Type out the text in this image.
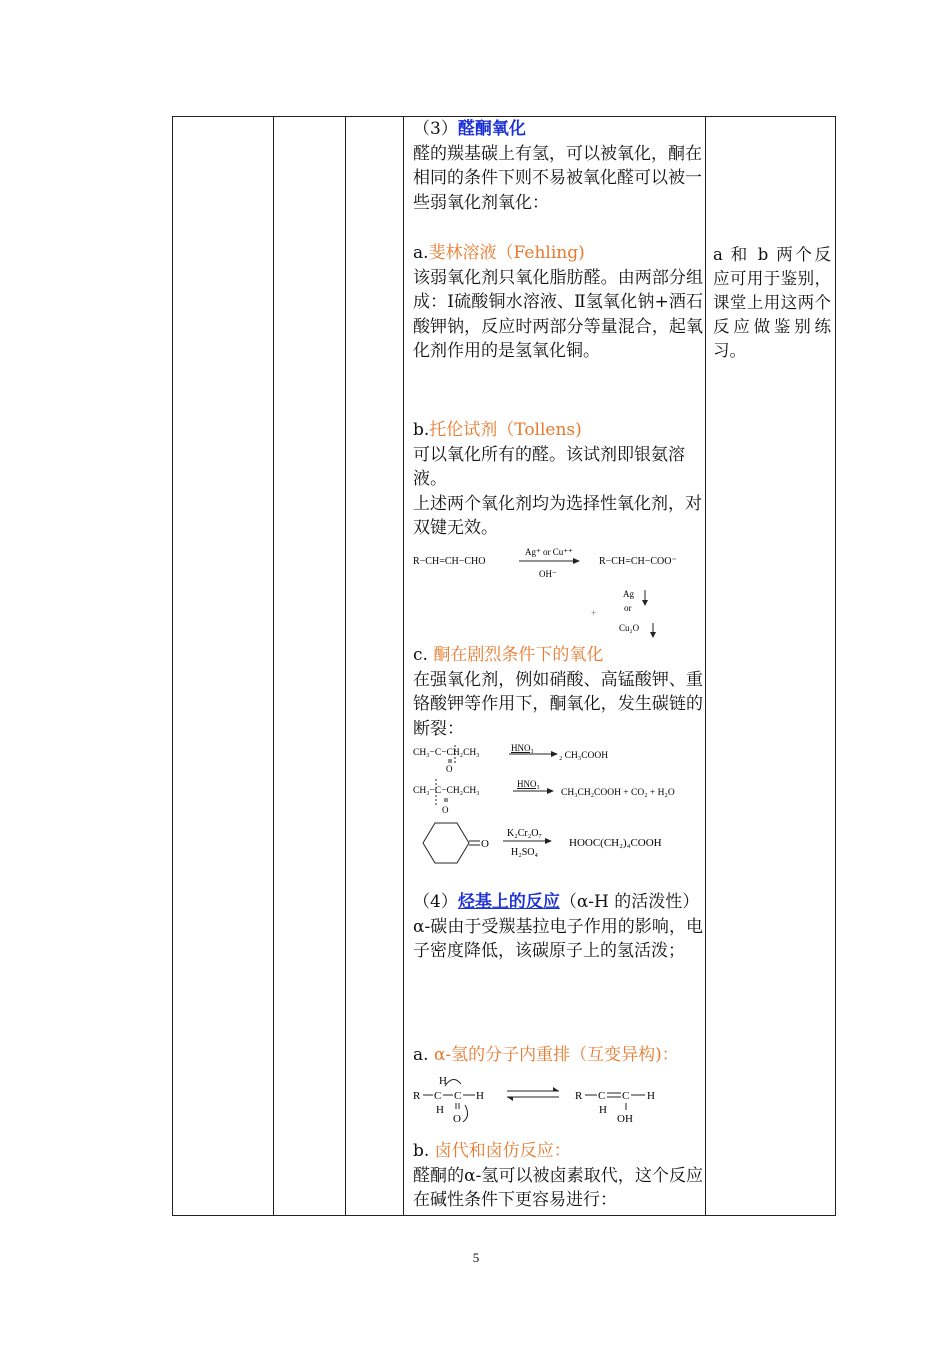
（3）醛酮氧化

醛的羰基碳上有氢，可以被氧化，酮在相同的条件下则不易被氧化醛可以被一些弱氧化剂氧化：

a.斐林溶液（Fehling)

该弱氧化剂只氧化脂肪醛。由两部分组成：Ⅰ硫酸铜水溶液、Ⅱ氢氧化钠+酒石酸钾钠，反应时两部分等量混合，起氧化剂作用的是氢氧化铜。

b.托伦试剂（Tollens)

可以氧化所有的醛。该试剂即银氨溶液。

上述两个氧化剂均为选择性氧化剂，对双键无效。

R−CH=CH−CHO
Ag⁺ or Cu⁺⁺
OH⁻
R−CH=CH−COO⁻
+
Ag
or
Cu₂O

c. 酮在剧烈条件下的氧化

在强氧化剂，例如硝酸、高锰酸钾、重铬酸钾等作用下，酮氧化，发生碳链的断裂：

CH₃−C−CH₂CH₃
O
HNO₃
₂ CH₃COOH
CH₃−C−CH₂CH₃
O
HNO₃
CH₃CH₂COOH + CO₂ + H₂O
O
K₂Cr₂O₇
H₂SO₄
HOOC(CH₂)₄COOH

（4）烃基上的反应（α-H 的活泼性）

α-碳由于受羰基拉电子作用的影响，电子密度降低，该碳原子上的氢活泼；

a. α-氢的分子内重排（互变异构)：

H
R C C H
H
O
R C C H
H
OH

b. 卤代和卤仿反应：

醛酮的α-氢可以被卤素取代，这个反应在碱性条件下更容易进行：

a 和 b 两个反应可用于鉴别，课堂上用这两个反应做鉴别练习。

5
